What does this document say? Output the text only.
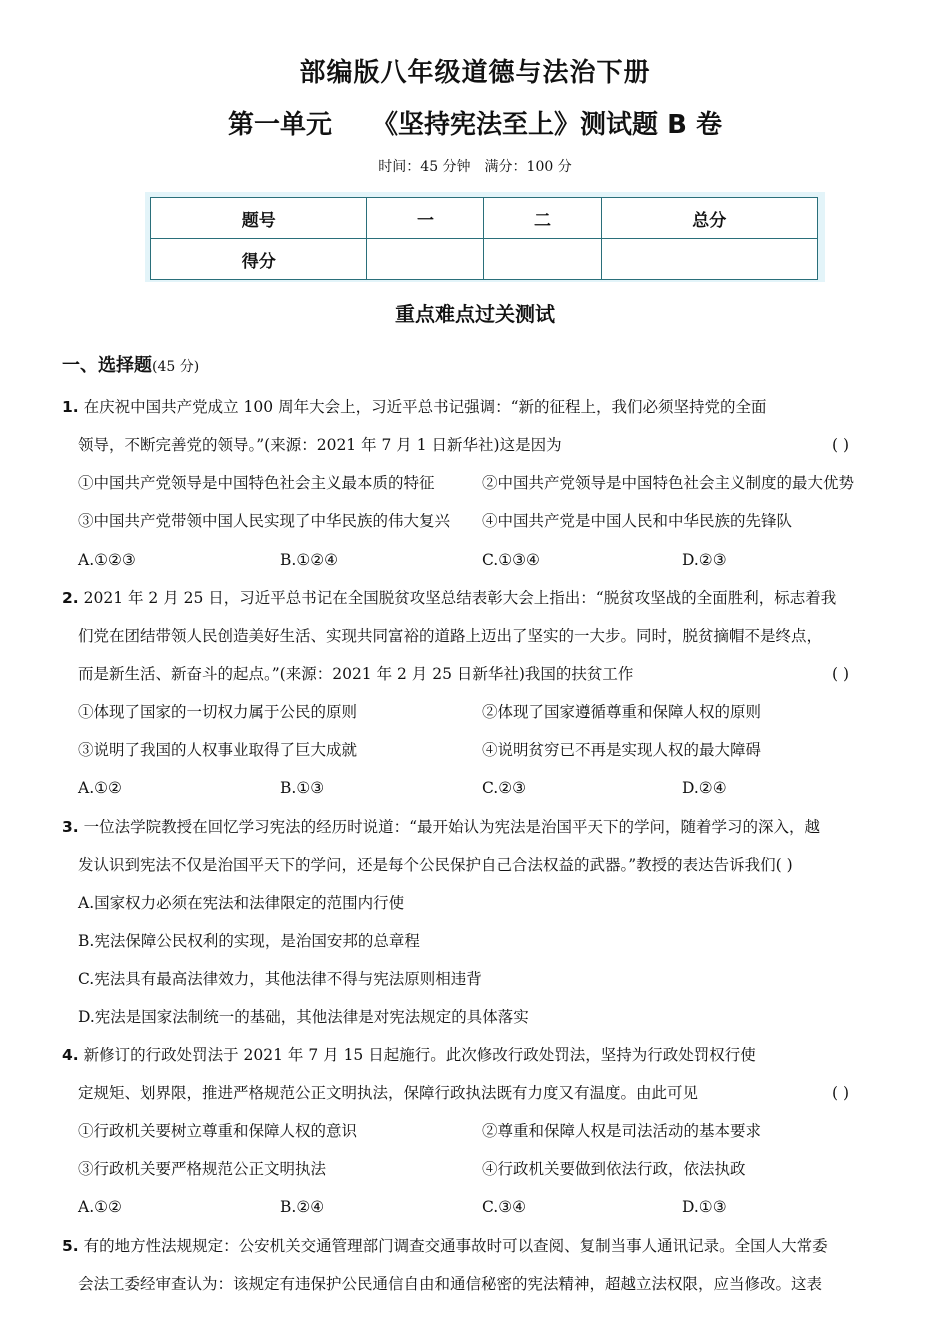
部编版八年级道德与法治下册
第一单元 《坚持宪法至上》测试题 B 卷
时间：45 分钟 满分：100 分
题号	一	二	总分
得分			
重点难点过关测试
一、选择题(45 分)
1. 在庆祝中国共产党成立 100 周年大会上，习近平总书记强调：“新的征程上，我们必须坚持党的全面
领导，不断完善党的领导。”(来源：2021 年 7 月 1 日新华社)这是因为	( )
①中国共产党领导是中国特色社会主义最本质的特征	②中国共产党领导是中国特色社会主义制度的最大优势
③中国共产党带领中国人民实现了中华民族的伟大复兴 ④中国共产党是中国人民和中华民族的先锋队
A.①②③	B.①②④	C.①③④	D.②③
2. 2021 年 2 月 25 日，习近平总书记在全国脱贫攻坚总结表彰大会上指出：“脱贫攻坚战的全面胜利，标志着我
们党在团结带领人民创造美好生活、实现共同富裕的道路上迈出了坚实的一大步。同时，脱贫摘帽不是终点，
而是新生活、新奋斗的起点。”(来源：2021 年 2 月 25 日新华社)我国的扶贫工作	( )
①体现了国家的一切权力属于公民的原则	②体现了国家遵循尊重和保障人权的原则
③说明了我国的人权事业取得了巨大成就	④说明贫穷已不再是实现人权的最大障碍
A.①②	B.①③	C.②③	D.②④
3. 一位法学院教授在回忆学习宪法的经历时说道：“最开始认为宪法是治国平天下的学问，随着学习的深入，越
发认识到宪法不仅是治国平天下的学问，还是每个公民保护自己合法权益的武器。”教授的表达告诉我们( )
A.国家权力必须在宪法和法律限定的范围内行使
B.宪法保障公民权利的实现，是治国安邦的总章程
C.宪法具有最高法律效力，其他法律不得与宪法原则相违背
D.宪法是国家法制统一的基础，其他法律是对宪法规定的具体落实
4. 新修订的行政处罚法于 2021 年 7 月 15 日起施行。此次修改行政处罚法，坚持为行政处罚权行使
定规矩、划界限，推进严格规范公正文明执法，保障行政执法既有力度又有温度。由此可见	( )
①行政机关要树立尊重和保障人权的意识	②尊重和保障人权是司法活动的基本要求
③行政机关要严格规范公正文明执法	④行政机关要做到依法行政，依法执政
A.①②	B.②④	C.③④	D.①③
5. 有的地方性法规规定：公安机关交通管理部门调查交通事故时可以查阅、复制当事人通讯记录。全国人大常委
会法工委经审查认为：该规定有违保护公民通信自由和通信秘密的宪法精神，超越立法权限，应当修改。这表
